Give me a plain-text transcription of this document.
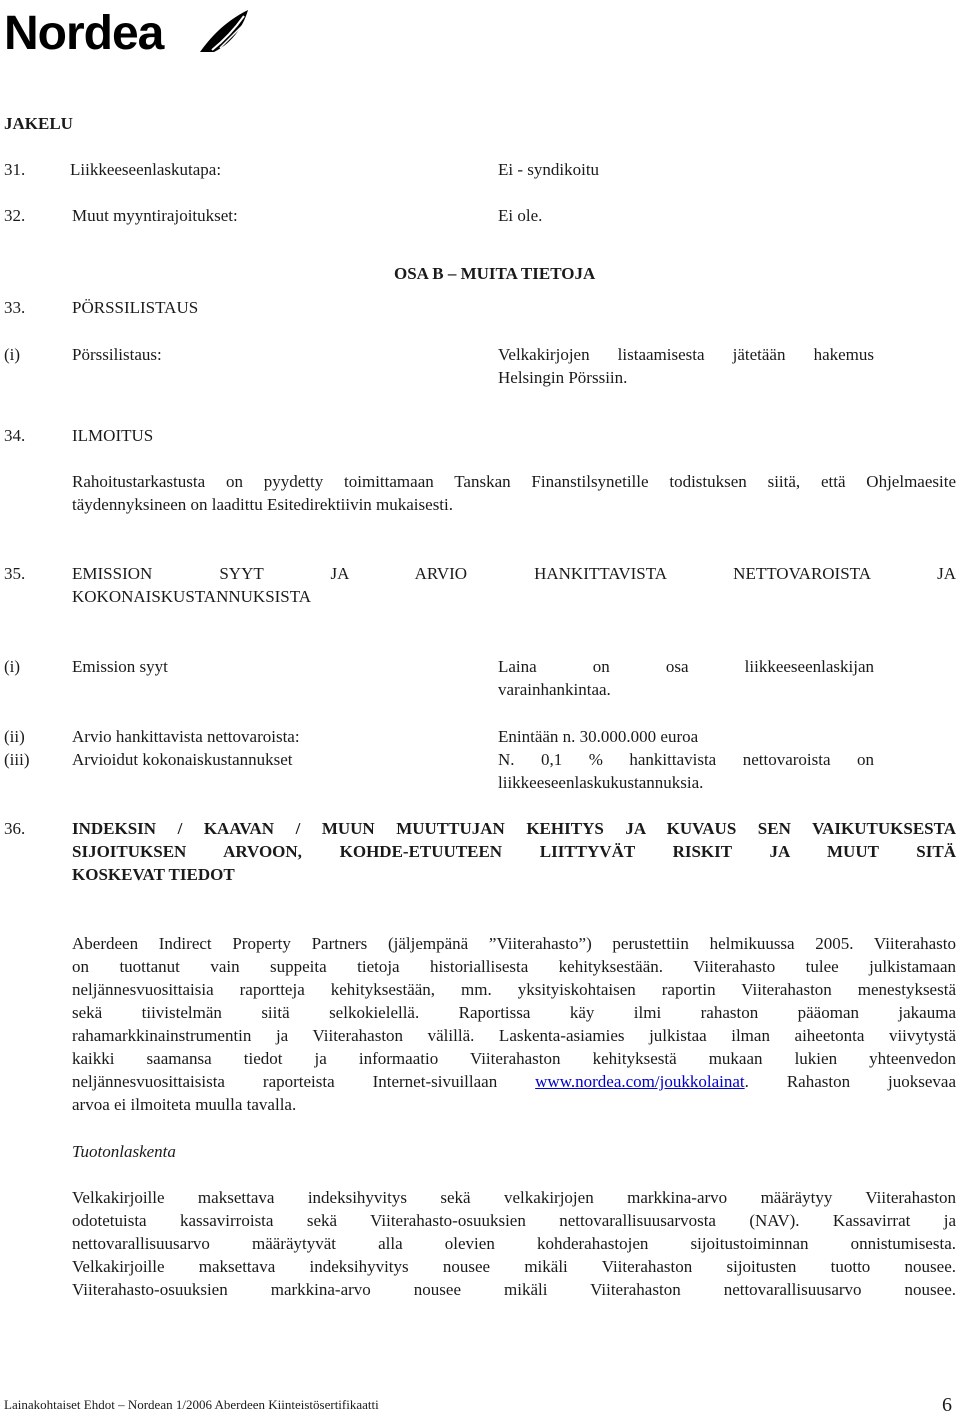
Nordea
JAKELU
31.	Liikkeeseenlaskutapa:	Ei - syndikoitu
32.	Muut myyntirajoitukset:	Ei ole.
OSA B – MUITA TIETOJA
33.	PÖRSSILISTAUS
(i)	Pörssilistaus:	Velkakirjojen listaamisesta jätetään hakemus
Helsingin Pörssiin.
34.	ILMOITUS
Rahoitustarkastusta on pyydetty toimittamaan Tanskan Finanstilsynetille todistuksen siitä, että Ohjelmaesite
täydennyksineen on laadittu Esitedirektiivin mukaisesti.
35.	EMISSION SYYT JA ARVIO HANKITTAVISTA NETTOVAROISTA JA
KOKONAISKUSTANNUKSISTA
(i)	Emission syyt	Laina on osa liikkeeseenlaskijan
varainhankintaa.
(ii)	Arvio hankittavista nettovaroista:	Enintään n. 30.000.000 euroa
(iii)	Arvioidut kokonaiskustannukset	N. 0,1 % hankittavista nettovaroista on
liikkeeseenlaskukustannuksia.
36.	INDEKSIN / KAAVAN / MUUN MUUTTUJAN KEHITYS JA KUVAUS SEN VAIKUTUKSESTA
SIJOITUKSEN ARVOON, KOHDE-ETUUTEEN LIITTYVÄT RISKIT JA MUUT SITÄ
KOSKEVAT TIEDOT
Aberdeen Indirect Property Partners (jäljempänä ”Viiterahasto”) perustettiin helmikuussa 2005. Viiterahasto
on tuottanut vain suppeita tietoja historiallisesta kehityksestään. Viiterahasto tulee julkistamaan
neljännesvuosittaisia raportteja kehityksestään, mm. yksityiskohtaisen raportin Viiterahaston menestyksestä
sekä tiivistelmän siitä selkokielellä. Raportissa käy ilmi rahaston pääoman jakauma
rahamarkkinainstrumentin ja Viiterahaston välillä. Laskenta-asiamies julkistaa ilman aiheetonta viivytystä
kaikki saamansa tiedot ja informaatio Viiterahaston kehityksestä mukaan lukien yhteenvedon
neljännesvuosittaisista raporteista Internet-sivuillaan www.nordea.com/joukkolainat. Rahaston juoksevaa
arvoa ei ilmoiteta muulla tavalla.
Tuotonlaskenta
Velkakirjoille maksettava indeksihyvitys sekä velkakirjojen markkina-arvo määräytyy Viiterahaston
odotetuista kassavirroista sekä Viiterahasto-osuuksien nettovarallisuusarvosta (NAV). Kassavirrat ja
nettovarallisuusarvo määräytyvät alla olevien kohderahastojen sijoitustoiminnan onnistumisesta.
Velkakirjoille maksettava indeksihyvitys nousee mikäli Viiterahaston sijoitusten tuotto nousee.
Viiterahasto-osuuksien markkina-arvo nousee mikäli Viiterahaston nettovarallisuusarvo nousee.
Lainakohtaiset Ehdot – Nordean 1/2006 Aberdeen Kiinteistösertifikaatti	6
